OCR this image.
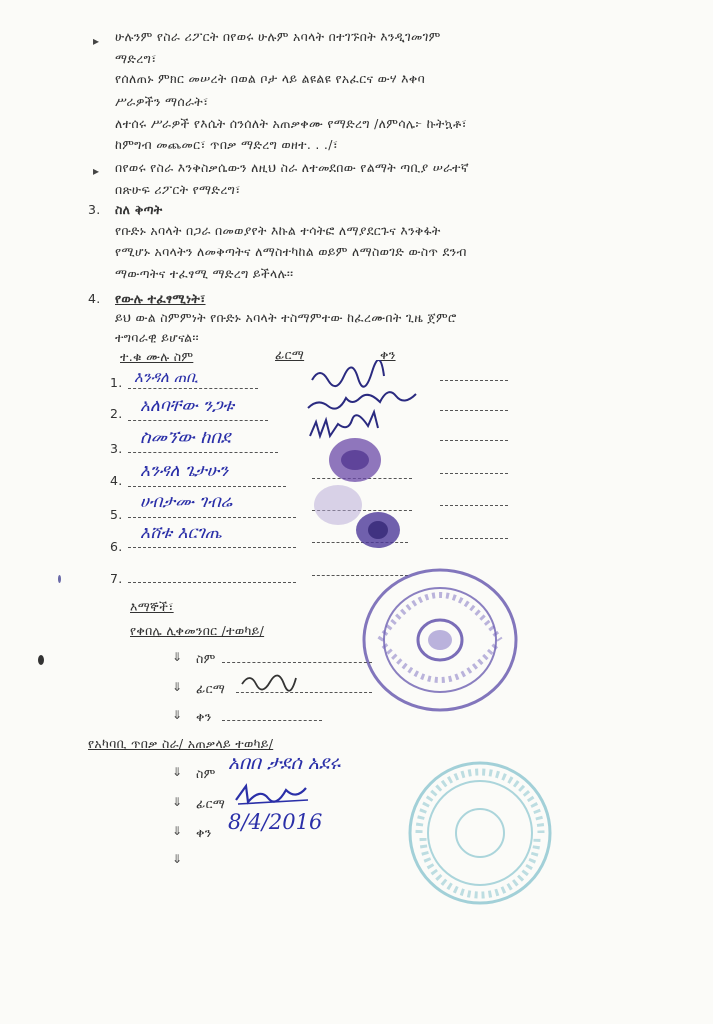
▸ ሁሉንም የስራ ሪፖርት በየወሩ ሁሉም አባላት በተገኙበት እንዲገመገም
ማድረግ፣
የሰለጠኑ ምክር መሠረት በወል ቦታ ላይ ልዩልዩ የአፈርና ውሃ እቀባ
ሥራዎችን ማሰራት፣
ለተሰሩ ሥራዎች የእሴት ሰንሰለት አጠቃቀሙ የማድረግ /ለምሳሌ፦ ኩትኳቶ፣
ከምግብ መጨመር፣ ጥበቃ ማድረግ ወዘተ. . ./፣
▸ በየወሩ የስራ እንቅስቃሴውን ለዚህ ስራ ለተመደበው የልማት ጣቢያ ሠራተኛ
በጽሁፍ ሪፖርት የማድረግ፣
3. ስለ ቅጣት
የቡድኑ አባላት በጋራ በመወያየት እኩል ተሳትፎ ለማያደርጉና እንቅፋት
የሚሆኑ አባላትን ለመቅጣትና ለማስተካከል ወይም ለማስወገድ ውስጥ ደንብ
ማውጣትና ተፈፃሚ ማድረግ ይችላሉ፡፡
4. የውሉ ተፈፃሚነት፣
ይህ ውል ስምምነት የቡድኑ አባላት ተስማምተው ከፈረሙበት ጊዜ ጀምሮ
ተግባራዊ ይሆናል፡፡
ተ.ቁ ሙሉ ስም	ፊርማ	ቀን
1. እንዳለ ጠቢ
2. አለባቸው ንጋቱ
3.
ስመኘው ከበደ
4. እንዳለ ጌታሁን
5.
ሀብታሙ ገብሬ
6.
እሸቱ እርገጤ
7.
እማኞች፣
የቀበሌ ሊቀመንበር /ተወካይ/
⇓ ስም
⇓ ፊርማ
⇓ ቀን
የአካባቢ ጥበቃ ስራ/ አጠቃላይ ተወካይ/
⇓ ስም አበበ ታደሰ አደሩ
⇓ ፊርማ
⇓ ቀን 8/4/2016
⇓
